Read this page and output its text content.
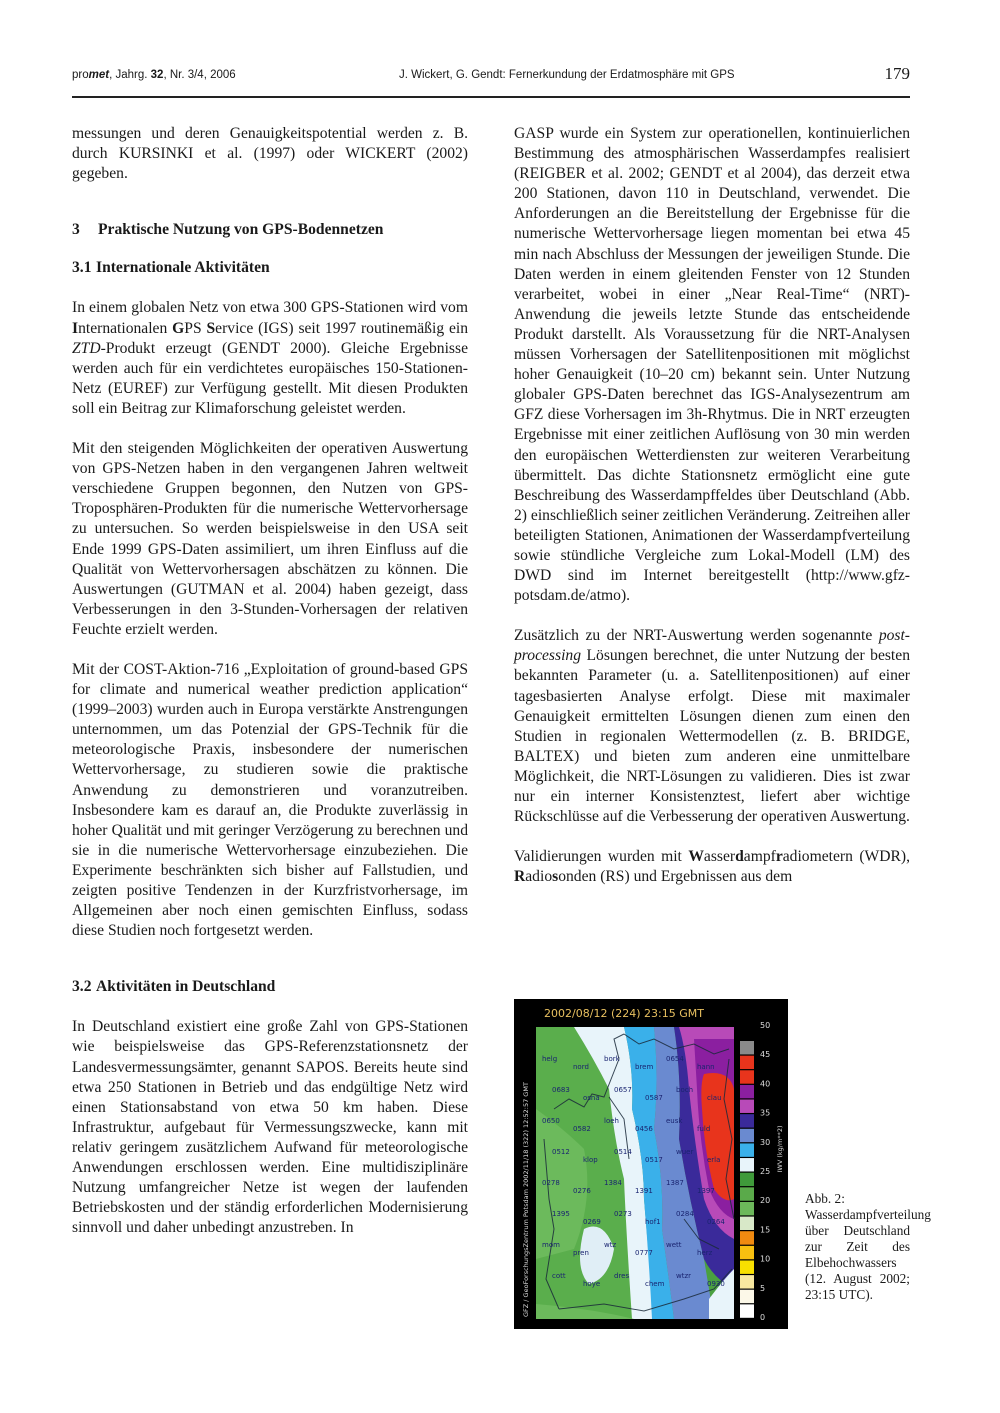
promet, Jahrg. 32, Nr. 3/4, 2006	J. Wickert, G. Gendt: Fernerkundung der Erdatmosphäre mit GPS	179

messungen und deren Genauigkeitspotential werden z. B. durch KURSINKI et al. (1997) oder WICKERT (2002) gegeben.

3 Praktische Nutzung von GPS-Bodennetzen
3.1 Internationale Aktivitäten

In einem globalen Netz von etwa 300 GPS-Stationen wird vom Internationalen GPS Service (IGS) seit 1997 routinemäßig ein ZTD-Produkt erzeugt (GENDT 2000). Gleiche Ergebnisse werden auch für ein verdichtetes europäisches 150-Stationen-Netz (EUREF) zur Verfügung gestellt. Mit diesen Produkten soll ein Beitrag zur Klimaforschung geleistet werden.

Mit den steigenden Möglichkeiten der operativen Auswertung von GPS-Netzen haben in den vergangenen Jahren weltweit verschiedene Gruppen begonnen, den Nutzen von GPS-Troposphären-Produkten für die numerische Wettervorhersage zu untersuchen. So werden beispielsweise in den USA seit Ende 1999 GPS-Daten assimiliert, um ihren Einfluss auf die Qualität von Wettervorhersagen abschätzen zu können. Die Auswertungen (GUTMAN et al. 2004) haben gezeigt, dass Verbesserungen in den 3-Stunden-Vorhersagen der relativen Feuchte erzielt werden.

Mit der COST-Aktion-716 „Exploitation of ground-based GPS for climate and numerical weather prediction application“ (1999–2003) wurden auch in Europa verstärkte Anstrengungen unternommen, um das Potenzial der GPS-Technik für die meteorologische Praxis, insbesondere der numerischen Wettervorhersage, zu studieren sowie die praktische Anwendung zu demonstrieren und voranzutreiben. Insbesondere kam es darauf an, die Produkte zuverlässig in hoher Qualität und mit geringer Verzögerung zu berechnen und sie in die numerische Wettervorhersage einzubeziehen. Die Experimente beschränkten sich bisher auf Fallstudien, und zeigten positive Tendenzen in der Kurzfristvorhersage, im Allgemeinen aber noch einen gemischten Einfluss, sodass diese Studien noch fortgesetzt werden.

3.2 Aktivitäten in Deutschland

In Deutschland existiert eine große Zahl von GPS-Stationen wie beispielsweise das GPS-Referenzstationsnetz der Landesvermessungsämter, genannt SAPOS. Bereits heute sind etwa 250 Stationen in Betrieb und das endgültige Netz wird einen Stationsabstand von etwa 50 km haben. Diese Infrastruktur, aufgebaut für Vermessungszwecke, kann mit relativ geringem zusätzlichem Aufwand für meteorologische Anwendungen erschlossen werden. Eine multidisziplinäre Nutzung umfangreicher Netze ist wegen der laufenden Betriebskosten und der ständig erforderlichen Modernisierung sinnvoll und daher unbedingt anzustreben. In

GASP wurde ein System zur operationellen, kontinuierlichen Bestimmung des atmosphärischen Wasserdampfes realisiert (REIGBER et al. 2002; GENDT et al 2004), das derzeit etwa 200 Stationen, davon 110 in Deutschland, verwendet. Die Anforderungen an die Bereitstellung der Ergebnisse für die numerische Wettervorhersage liegen momentan bei etwa 45 min nach Abschluss der Messungen der jeweiligen Stunde. Die Daten werden in einem gleitenden Fenster von 12 Stunden verarbeitet, wobei in einer „Near Real-Time“ (NRT)-Anwendung die jeweils letzte Stunde das entscheidende Produkt darstellt. Als Voraussetzung für die NRT-Analysen müssen Vorhersagen der Satellitenpositionen mit möglichst hoher Genauigkeit (10–20 cm) bekannt sein. Unter Nutzung globaler GPS-Daten berechnet das IGS-Analysezentrum am GFZ diese Vorhersagen im 3h-Rhytmus. Die in NRT erzeugten Ergebnisse mit einer zeitlichen Auflösung von 30 min werden den europäischen Wetterdiensten zur weiteren Verarbeitung übermittelt. Das dichte Stationsnetz ermöglicht eine gute Beschreibung des Wasserdampffeldes über Deutschland (Abb. 2) einschließlich seiner zeitlichen Veränderung. Zeitreihen aller beteiligten Stationen, Animationen der Wasserdampfverteilung sowie stündliche Vergleiche zum Lokal-Modell (LM) des DWD sind im Internet bereitgestellt (http://www.gfz-potsdam.de/atmo).

Zusätzlich zu der NRT-Auswertung werden sogenannte post-processing Lösungen berechnet, die unter Nutzung der besten bekannten Parameter (u. a. Satellitenpositionen) auf einer tagesbasierten Analyse erfolgt. Diese mit maximaler Genauigkeit ermittelten Lösungen dienen zum einen den Studien in regionalen Wettermodellen (z. B. BRIDGE, BALTEX) und bieten zum anderen eine unmittelbare Möglichkeit, die NRT-Lösungen zu validieren. Dies ist zwar nur ein interner Konsistenztest, liefert aber wichtige Rückschlüsse auf die Verbesserung der operativen Auswertung.

Validierungen wurden mit Wasserdampfradiometern (WDR), Radiosonden (RS) und Ergebnissen aus dem

2002/08/12 (224) 23:15 GMT
GFZ / GeoForschungsZentrum Potsdam 2002/11/18 (322) 12:52:57 GMT
helg
nord
bork
brem
0654
hann
0683
osna
0657
0587
boch
clau
0650
0582
loeh
0456
eusk
fuld
0512
klop
0514
0517
wuer
erla
0278
0276
1384
1391
1387
1397
1395
0269
0273
hof1
0284
0264
mom
pren
wtz
0777
wett
herz
cott
hoye
dres
chem
wtzr
0930
50
45
40
35
30
25
20
15
10
5
0
IWV (kg/m**2)
Abb. 2:
Wasserdampfverteilung über Deutschland zur Zeit des Elbehochwassers (12. August 2002; 23:15 UTC).
